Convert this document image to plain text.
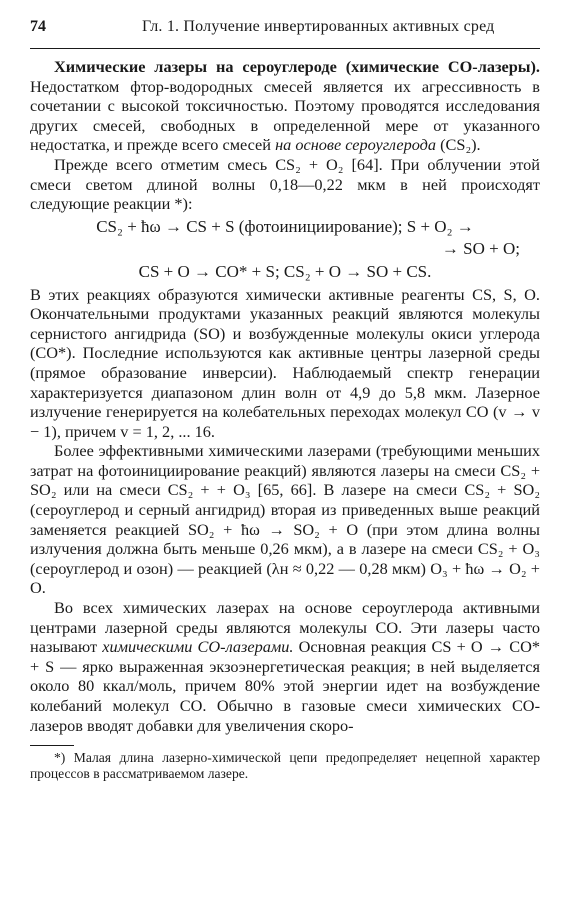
74	Гл. 1. Получение инвертированных активных сред

Химические лазеры на сероуглероде (химические СО-лазеры). Недостатком фтор-водородных смесей является их агрессивность в сочетании с высокой токсичностью. Поэтому проводятся исследования других смесей, свободных в определенной мере от указанного недостатка, и прежде всего смесей на основе сероуглерода (CS₂).

Прежде всего отметим смесь CS₂ + O₂ [64]. При облучении этой смеси светом длиной волны 0,18—0,22 мкм в ней происходят следующие реакции *):

CS₂ + ħω → CS + S (фотоинициирование); S + O₂ →
→ SO + O;
CS + O → CO* + S; CS₂ + O → SO + CS.

В этих реакциях образуются химически активные реагенты CS, S, O. Окончательными продуктами указанных реакций являются молекулы сернистого ангидрида (SO) и возбужденные молекулы окиси углерода (CO*). Последние используются как активные центры лазерной среды (прямое образование инверсии). Наблюдаемый спектр генерации характеризуется диапазоном длин волн от 4,9 до 5,8 мкм. Лазерное излучение генерируется на колебательных переходах молекул CO (v → v − 1), причем v = 1, 2, ... 16.

Более эффективными химическими лазерами (требующими меньших затрат на фотоинициирование реакций) являются лазеры на смеси CS₂ + SO₂ или на смеси CS₂ + + O₃ [65, 66]. В лазере на смеси CS₂ + SO₂ (сероуглерод и серный ангидрид) вторая из приведенных выше реакций заменяется реакцией SO₂ + ħω → SO₂ + O (при этом длина волны излучения должна быть меньше 0,26 мкм), а в лазере на смеси CS₂ + O₃ (сероуглерод и озон) — реакцией (λн ≈ 0,22 — 0,28 мкм) O₃ + ħω → O₂ + O.

Во всех химических лазерах на основе сероуглерода активными центрами лазерной среды являются молекулы CO. Эти лазеры часто называют химическими CO-лазерами. Основная реакция CS + O → CO* + S — ярко выраженная экзоэнергетическая реакция; в ней выделяется около 80 ккал/моль, причем 80% этой энергии идет на возбуждение колебаний молекул CO. Обычно в газовые смеси химических CO-лазеров вводят добавки для увеличения скоро-

*) Малая длина лазерно-химической цепи предопределяет нецепной характер процессов в рассматриваемом лазере.
